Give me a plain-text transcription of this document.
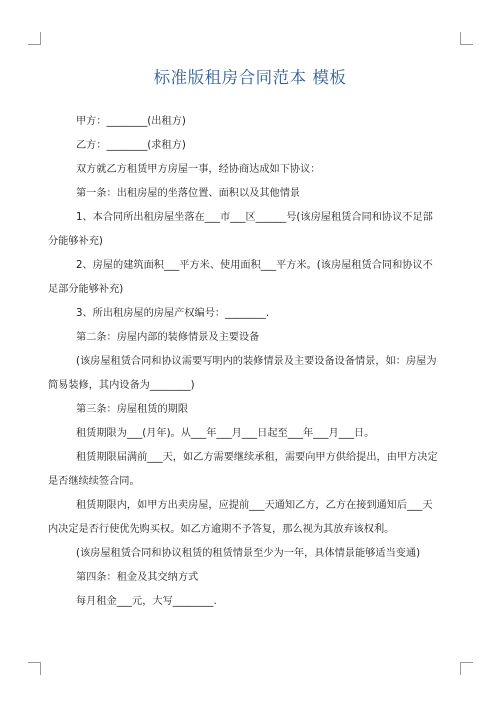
标准版租房合同范本 模板

甲方：________(出租方)

乙方：________(求租方)

双方就乙方租赁甲方房屋一事，经协商达成如下协议：

第一条：出租房屋的坐落位置、面积以及其他情景

1、本合同所出租房屋坐落在___市___区______号(该房屋租赁合同和协议不足部

分能够补充)

2、房屋的建筑面积___平方米、使用面积___平方米。(该房屋租赁合同和协议不

足部分能够补充)

3、所出租房屋的房屋产权编号：________.

第二条：房屋内部的装修情景及主要设备

(该房屋租赁合同和协议需要写明内的装修情景及主要设备设备情景，如：房屋为

简易装修，其内设备为________)

第三条：房屋租赁的期限

租赁期限为___(月年)。从___年___月___日起至___年___月___日。

租赁期限届满前___天，如乙方需要继续承租，需要向甲方供给提出，由甲方决定

是否继续续签合同。

租赁期限内，如甲方出卖房屋，应提前___天通知乙方，乙方在接到通知后___天

内决定是否行使优先购买权。如乙方逾期不予答复，那么视为其放弃该权利。

(该房屋租赁合同和协议租赁的租赁情景至少为一年，具体情景能够适当变通)

第四条：租金及其交纳方式

每月租金___元，大写________.
